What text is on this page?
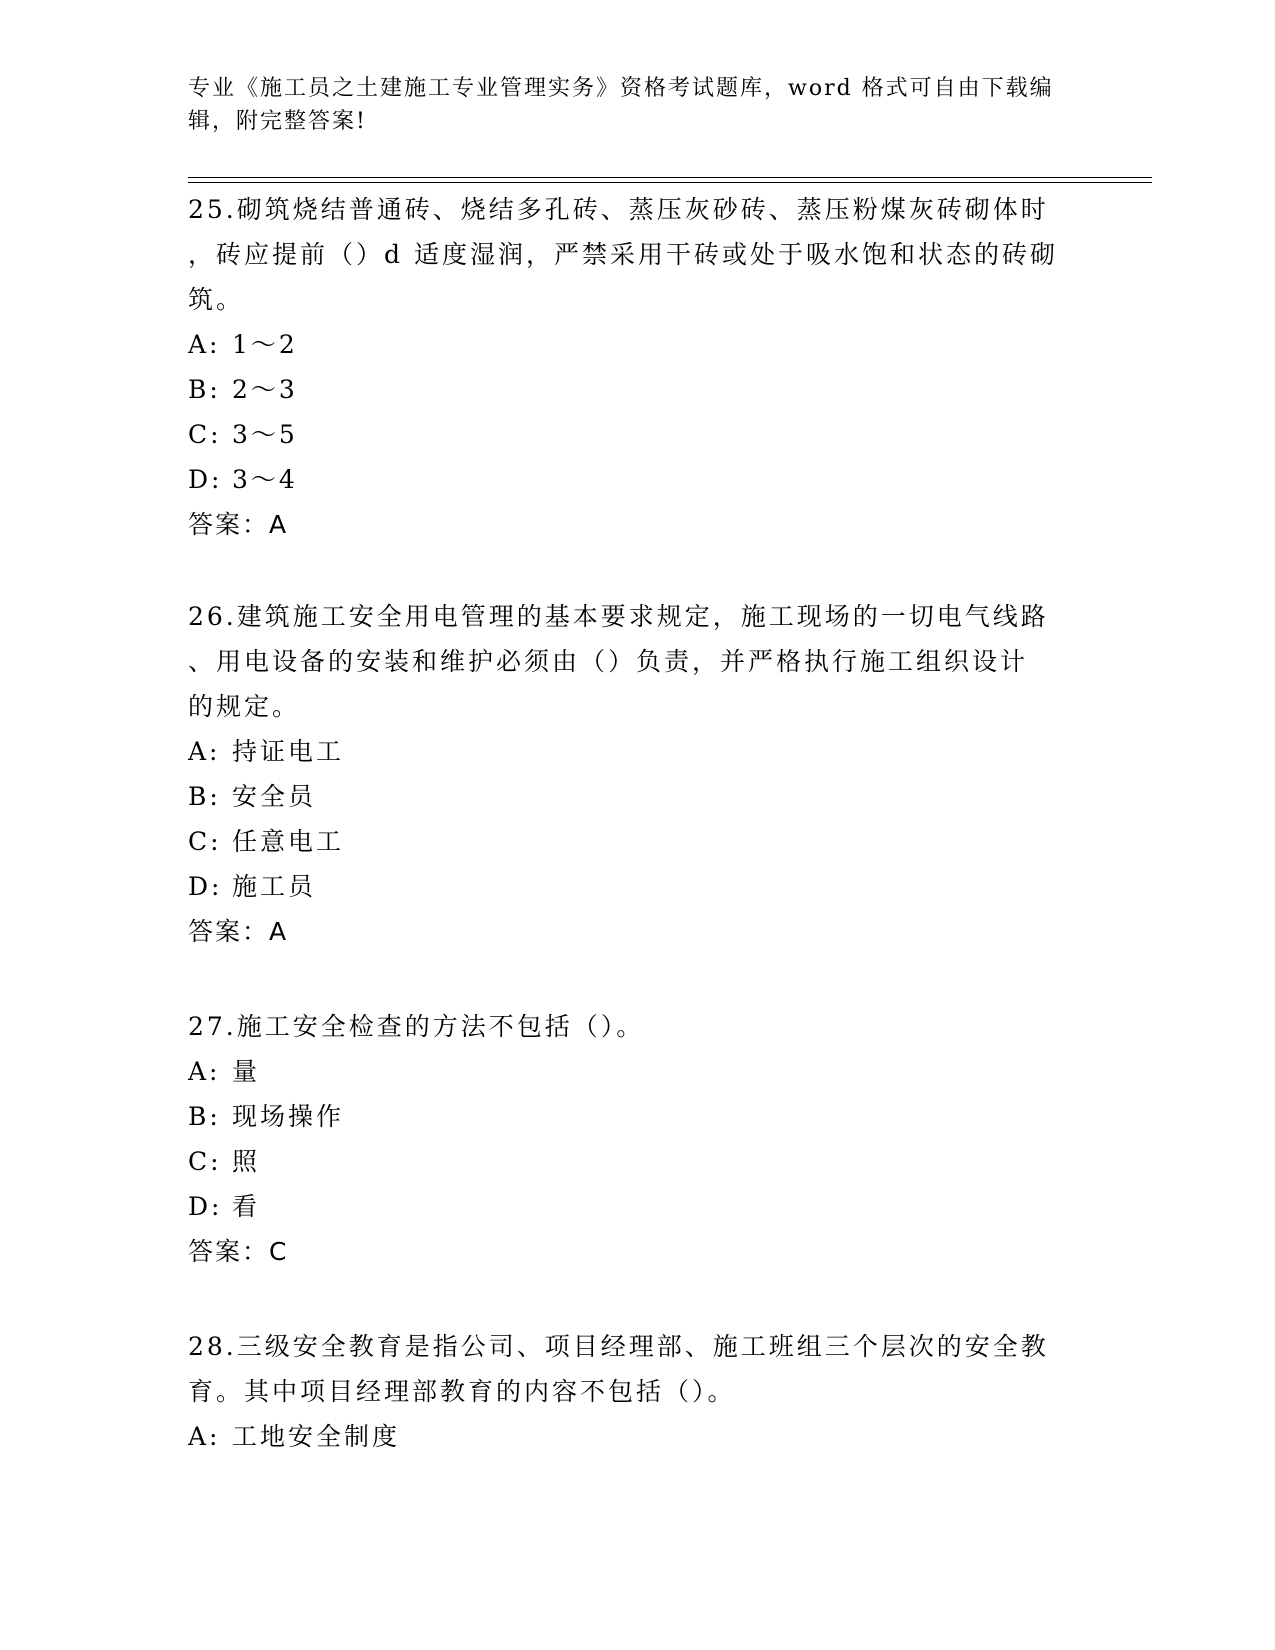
专业《施工员之土建施工专业管理实务》资格考试题库，word 格式可自由下载编
辑，附完整答案!

25.砌筑烧结普通砖、烧结多孔砖、蒸压灰砂砖、蒸压粉煤灰砖砌体时

，砖应提前（）d 适度湿润，严禁采用干砖或处于吸水饱和状态的砖砌

筑。

A: 1～2

B: 2～3

C: 3～5

D: 3～4

答案：A

26.建筑施工安全用电管理的基本要求规定，施工现场的一切电气线路

、用电设备的安装和维护必须由（）负责，并严格执行施工组织设计

的规定。

A: 持证电工

B: 安全员

C: 任意电工

D: 施工员

答案：A

27.施工安全检查的方法不包括（）。

A: 量

B: 现场操作

C: 照

D: 看

答案：C

28.三级安全教育是指公司、项目经理部、施工班组三个层次的安全教

育。其中项目经理部教育的内容不包括（）。

A: 工地安全制度
